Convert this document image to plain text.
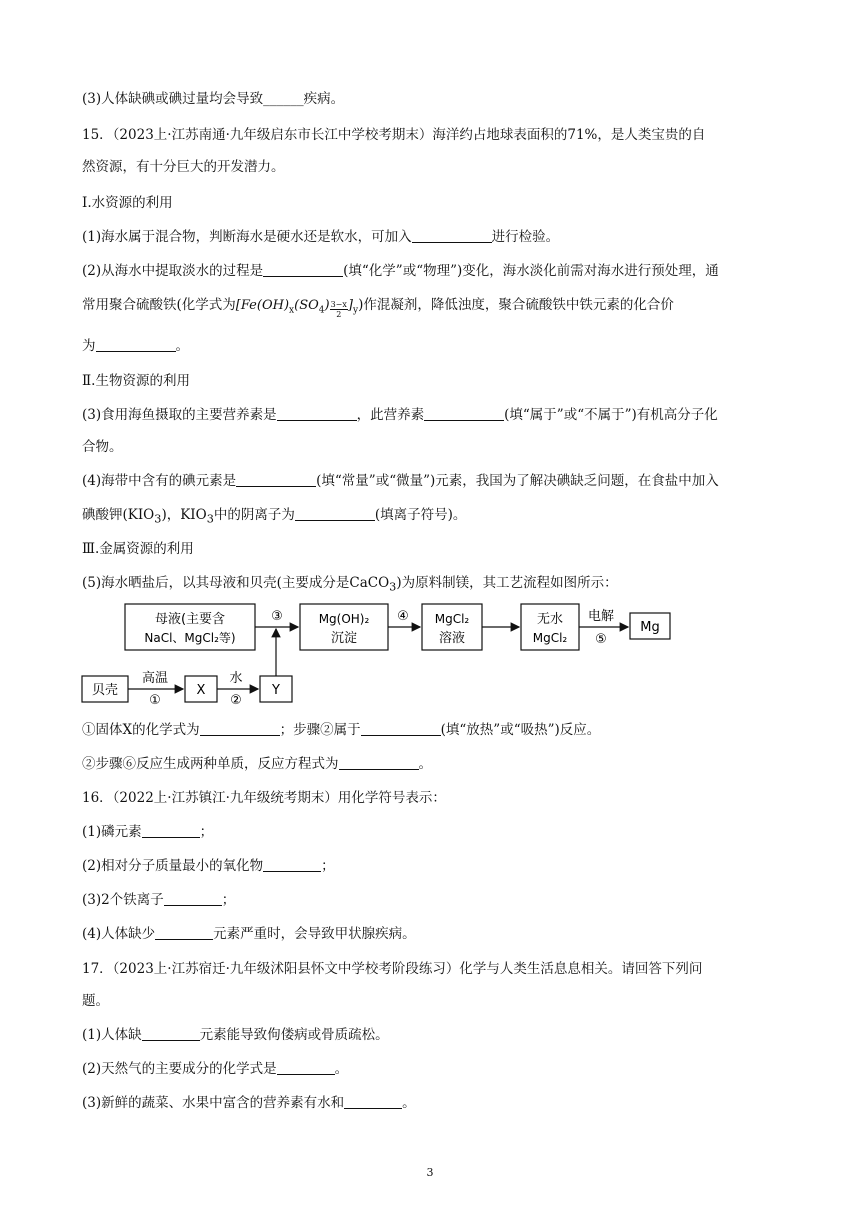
(3)人体缺碘或碘过量均会导致______疾病。
15．（2023上·江苏南通·九年级启东市长江中学校考期末）海洋约占地球表面积的71%，是人类宝贵的自
然资源，有十分巨大的开发潜力。
Ⅰ.水资源的利用
(1)海水属于混合物，判断海水是硬水还是软水，可加入	进行检验。
(2)从海水中提取淡水的过程是	(填“化学”或“物理”)变化，海水淡化前需对海水进行预处理，通
常用聚合硫酸铁(化学式为$[Fe(OH)_x(SO_4) \frac{3-x}{2} ]_y$)作混凝剂，降低浊度，聚合硫酸铁中铁元素的化合价
为	。
Ⅱ.生物资源的利用
(3)食用海鱼摄取的主要营养素是	，此营养素	(填“属于”或“不属于”)有机高分子化
合物。
(4)海带中含有的碘元素是	(填“常量”或“微量”)元素，我国为了解决碘缺乏问题，在食盐中加入
碘酸钾$(KIO_3)$，$KIO_3$中的阴离子为	(填离子符号)。
Ⅲ.金属资源的利用
(5)海水晒盐后，以其母液和贝壳(主要成分是CaCO$_3$)为原料制镁，其工艺流程如图所示：
母液(主要含
NaCl、MgCl₂等)
③	Mg(OH)₂
沉淀
④ MgCl₂
溶液
无水
MgCl₂
电解
⑤
Mg
贝壳
高温
①
X
水
②
Y
①固体X的化学式为	；步骤②属于	(填“放热”或“吸热”)反应。
②步骤⑥反应生成两种单质，反应方程式为	。
16．（2022上·江苏镇江·九年级统考期末）用化学符号表示：
(1)磷元素	；
(2)相对分子质量最小的氧化物	；
(3)2个铁离子	；
(4)人体缺少	元素严重时，会导致甲状腺疾病。
17．（2023上·江苏宿迁·九年级沭阳县怀文中学校考阶段练习）化学与人类生活息息相关。请回答下列问
题。
(1)人体缺	元素能导致佝偻病或骨质疏松。
(2)天然气的主要成分的化学式是	。
(3)新鲜的蔬菜、水果中富含的营养素有水和	。
3
